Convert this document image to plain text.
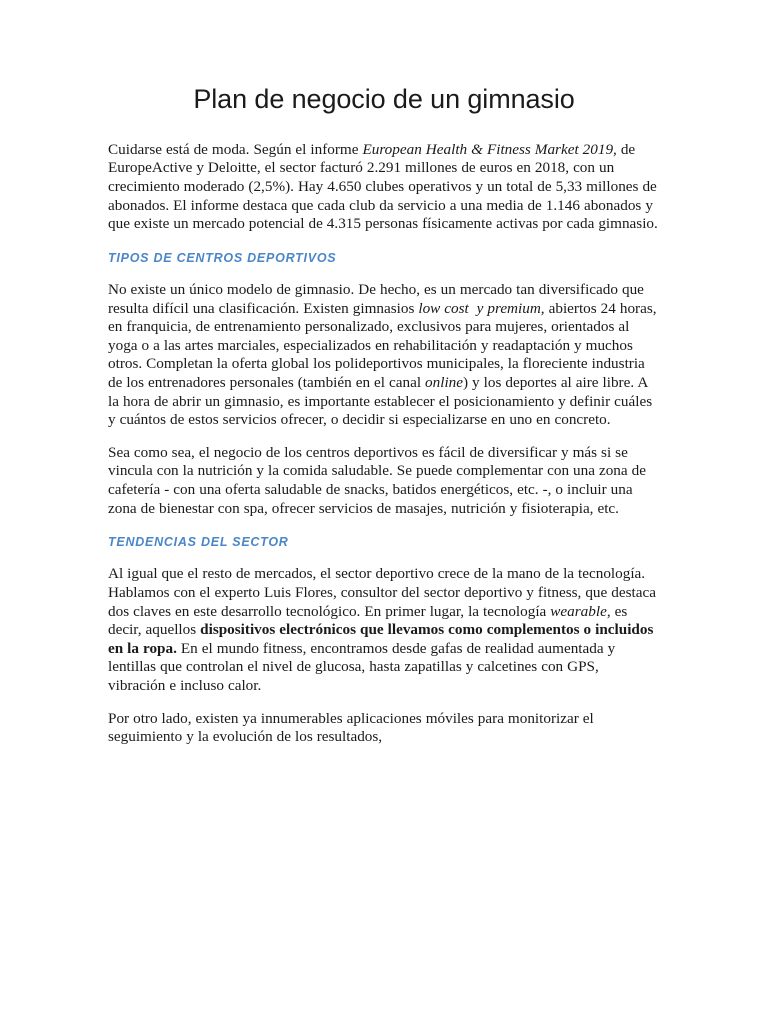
Plan de negocio de un gimnasio

Cuidarse está de moda. Según el informe European Health & Fitness Market 2019, de EuropeActive y Deloitte, el sector facturó 2.291 millones de euros en 2018, con un crecimiento moderado (2,5%). Hay 4.650 clubes operativos y un total de 5,33 millones de abonados. El informe destaca que cada club da servicio a una media de 1.146 abonados y que existe un mercado potencial de 4.315 personas físicamente activas por cada gimnasio.

TIPOS DE CENTROS DEPORTIVOS

No existe un único modelo de gimnasio. De hecho, es un mercado tan diversificado que resulta difícil una clasificación. Existen gimnasios low cost y premium, abiertos 24 horas, en franquicia, de entrenamiento personalizado, exclusivos para mujeres, orientados al yoga o a las artes marciales, especializados en rehabilitación y readaptación y muchos otros. Completan la oferta global los polideportivos municipales, la floreciente industria de los entrenadores personales (también en el canal online) y los deportes al aire libre. A la hora de abrir un gimnasio, es importante establecer el posicionamiento y definir cuáles y cuántos de estos servicios ofrecer, o decidir si especializarse en uno en concreto.

Sea como sea, el negocio de los centros deportivos es fácil de diversificar y más si se vincula con la nutrición y la comida saludable. Se puede complementar con una zona de cafetería - con una oferta saludable de snacks, batidos energéticos, etc. -, o incluir una zona de bienestar con spa, ofrecer servicios de masajes, nutrición y fisioterapia, etc.

TENDENCIAS DEL SECTOR

Al igual que el resto de mercados, el sector deportivo crece de la mano de la tecnología. Hablamos con el experto Luis Flores, consultor del sector deportivo y fitness, que destaca dos claves en este desarrollo tecnológico. En primer lugar, la tecnología wearable, es decir, aquellos dispositivos electrónicos que llevamos como complementos o incluidos en la ropa. En el mundo fitness, encontramos desde gafas de realidad aumentada y lentillas que controlan el nivel de glucosa, hasta zapatillas y calcetines con GPS, vibración e incluso calor.

Por otro lado, existen ya innumerables aplicaciones móviles para monitorizar el seguimiento y la evolución de los resultados,
